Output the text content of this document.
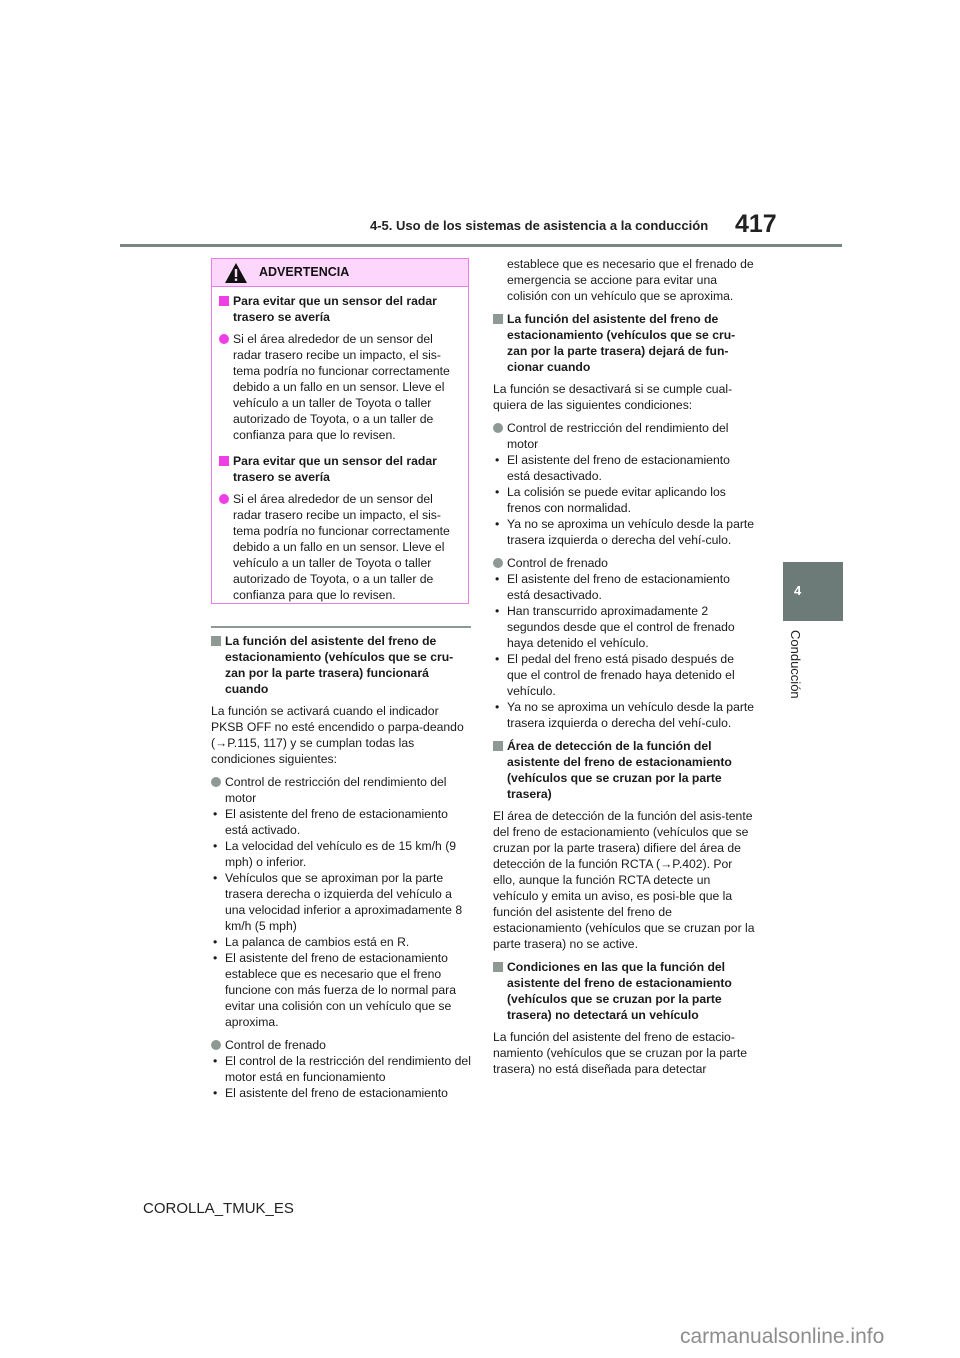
4-5. Uso de los sistemas de asistencia a la conducción 417
4
Conducción
ADVERTENCIA
Para evitar que un sensor del radar trasero se avería
Si el área alrededor de un sensor del radar trasero recibe un impacto, el sis-tema podría no funcionar correctamente debido a un fallo en un sensor. Lleve el vehículo a un taller de Toyota o taller autorizado de Toyota, o a un taller de confianza para que lo revisen.
Para evitar que un sensor del radar trasero se avería
Si el área alrededor de un sensor del radar trasero recibe un impacto, el sis-tema podría no funcionar correctamente debido a un fallo en un sensor. Lleve el vehículo a un taller de Toyota o taller autorizado de Toyota, o a un taller de confianza para que lo revisen.
La función del asistente del freno de estacionamiento (vehículos que se cru-zan por la parte trasera) funcionará cuando
La función se activará cuando el indicador PKSB OFF no esté encendido o parpa-deando (→P.115, 117) y se cumplan todas las condiciones siguientes:
Control de restricción del rendimiento del motor
• El asistente del freno de estacionamiento está activado.
• La velocidad del vehículo es de 15 km/h (9 mph) o inferior.
• Vehículos que se aproximan por la parte trasera derecha o izquierda del vehículo a una velocidad inferior a aproximadamente 8 km/h (5 mph)
• La palanca de cambios está en R.
• El asistente del freno de estacionamiento establece que es necesario que el freno funcione con más fuerza de lo normal para evitar una colisión con un vehículo que se aproxima.
Control de frenado
• El control de la restricción del rendimiento del motor está en funcionamiento
• El asistente del freno de estacionamiento
establece que es necesario que el frenado de emergencia se accione para evitar una colisión con un vehículo que se aproxima.
La función del asistente del freno de estacionamiento (vehículos que se cru-zan por la parte trasera) dejará de fun-cionar cuando
La función se desactivará si se cumple cual-quiera de las siguientes condiciones:
Control de restricción del rendimiento del motor
• El asistente del freno de estacionamiento está desactivado.
• La colisión se puede evitar aplicando los frenos con normalidad.
• Ya no se aproxima un vehículo desde la parte trasera izquierda o derecha del vehí-culo.
Control de frenado
• El asistente del freno de estacionamiento está desactivado.
• Han transcurrido aproximadamente 2 segundos desde que el control de frenado haya detenido el vehículo.
• El pedal del freno está pisado después de que el control de frenado haya detenido el vehículo.
• Ya no se aproxima un vehículo desde la parte trasera izquierda o derecha del vehí-culo.
Área de detección de la función del asistente del freno de estacionamiento (vehículos que se cruzan por la parte trasera)
El área de detección de la función del asis-tente del freno de estacionamiento (vehículos que se cruzan por la parte trasera) difiere del área de detección de la función RCTA (→P.402). Por ello, aunque la función RCTA detecte un vehículo y emita un aviso, es posi-ble que la función del asistente del freno de estacionamiento (vehículos que se cruzan por la parte trasera) no se active.
Condiciones en las que la función del asistente del freno de estacionamiento (vehículos que se cruzan por la parte trasera) no detectará un vehículo
La función del asistente del freno de estacio-namiento (vehículos que se cruzan por la parte trasera) no está diseñada para detectar
COROLLA_TMUK_ES
carmanualsonline.info
